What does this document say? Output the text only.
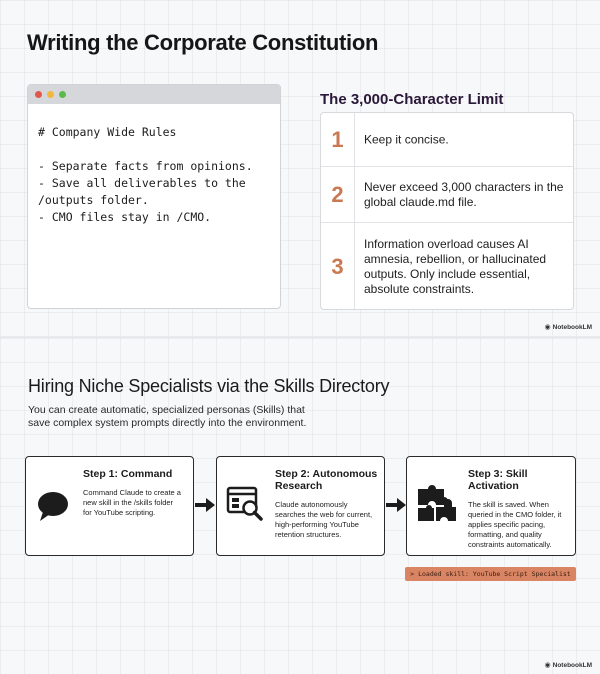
Writing the Corporate Constitution
# Company Wide Rules
- Separate facts from opinions.
- Save all deliverables to the
/outputs folder.
- CMO files stay in /CMO.
The 3,000-Character Limit
1	Keep it concise.
2	Never exceed 3,000 characters in the global claude.md file.
3
Information overload causes AI amnesia, rebellion, or hallucinated outputs. Only include essential, absolute constraints.
◉ NotebookLM
Hiring Niche Specialists via the Skills Directory
You can create automatic, specialized personas (Skills) that save complex system prompts directly into the environment.
Step 1: Command
Command Claude to create a new skill in the /skills folder for YouTube scripting.
Step 2: Autonomous Research
Claude autonomously searches the web for current, high-performing YouTube retention structures.
Step 3: Skill Activation
The skill is saved. When queried in the CMO folder, it applies specific pacing, formatting, and quality constraints automatically.
> Loaded skill: YouTube Script Specialist
◉ NotebookLM
